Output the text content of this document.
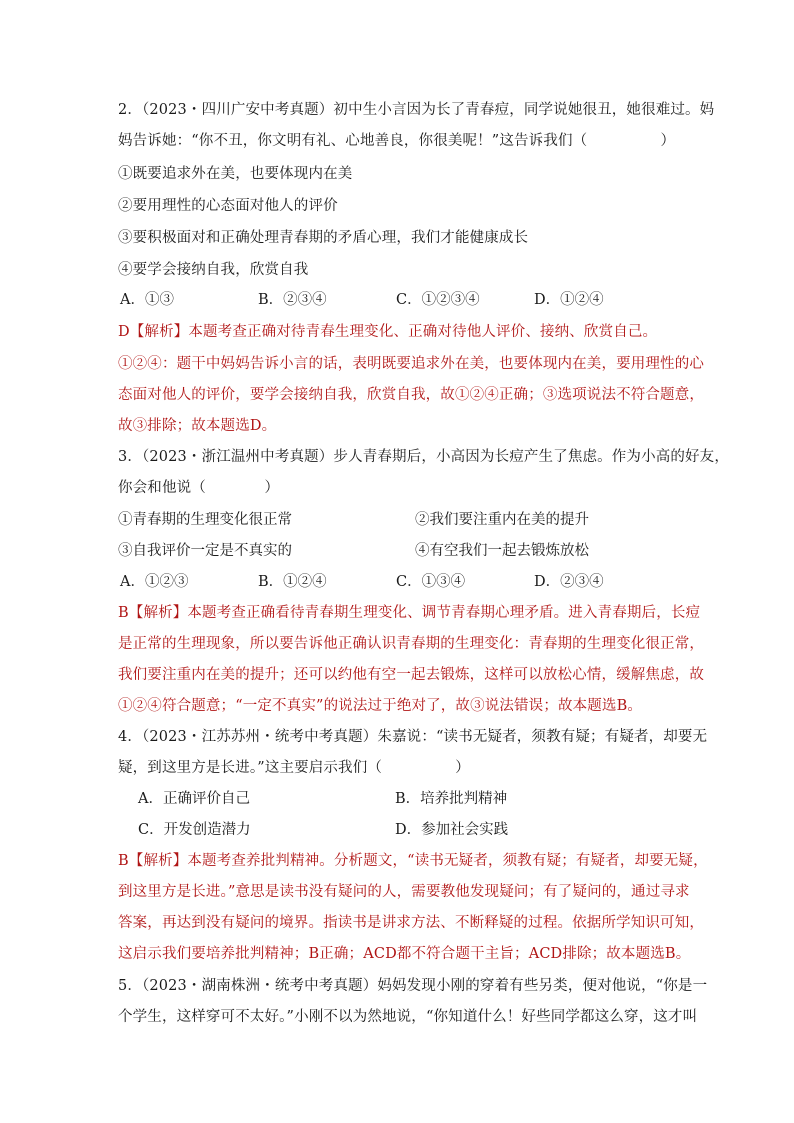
2．（2023・四川广安中考真题）初中生小言因为长了青春痘，同学说她很丑，她很难过。妈
妈告诉她：“你不丑，你文明有礼、心地善良，你很美呢！”这告诉我们（　　　　　）
①既要追求外在美，也要体现内在美
②要用理性的心态面对他人的评价
③要积极面对和正确处理青春期的矛盾心理，我们才能健康成长
④要学会接纳自我，欣赏自我
A．①③	B．②③④	C．①②③④	D．①②④
D【解析】本题考查正确对待青春生理变化、正确对待他人评价、接纳、欣赏自己。
①②④：题干中妈妈告诉小言的话，表明既要追求外在美，也要体现内在美，要用理性的心
态面对他人的评价，要学会接纳自我，欣赏自我，故①②④正确；③选项说法不符合题意，
故③排除；故本题选D。
3．（2023・浙江温州中考真题）步人青春期后，小高因为长痘产生了焦虑。作为小高的好友，
你会和他说（　　　　）
①青春期的生理变化很正常	②我们要注重内在美的提升
③自我评价一定是不真实的	④有空我们一起去锻炼放松
A．①②③	B．①②④	C．①③④	D．②③④
B【解析】本题考查正确看待青春期生理变化、调节青春期心理矛盾。进入青春期后，长痘
是正常的生理现象，所以要告诉他正确认识青春期的生理变化：青春期的生理变化很正常，
我们要注重内在美的提升；还可以约他有空一起去锻炼，这样可以放松心情，缓解焦虑，故
①②④符合题意；“一定不真实”的说法过于绝对了，故③说法错误；故本题选B。
4．（2023・江苏苏州・统考中考真题）朱嘉说：“读书无疑者，须教有疑；有疑者，却要无
疑，到这里方是长进。”这主要启示我们（　　　　　）
A．正确评价自己	B．培养批判精神
C．开发创造潜力	D．参加社会实践
B【解析】本题考查养批判精神。分析题文，“读书无疑者，须教有疑；有疑者，却要无疑，
到这里方是长进。”意思是读书没有疑问的人，需要教他发现疑问；有了疑问的，通过寻求
答案，再达到没有疑问的境界。指读书是讲求方法、不断释疑的过程。依据所学知识可知，
这启示我们要培养批判精神；B正确；ACD都不符合题干主旨；ACD排除；故本题选B。
5．（2023・湖南株洲・统考中考真题）妈妈发现小刚的穿着有些另类，便对他说，“你是一
个学生，这样穿可不太好。”小刚不以为然地说，“你知道什么！好些同学都这么穿，这才叫
